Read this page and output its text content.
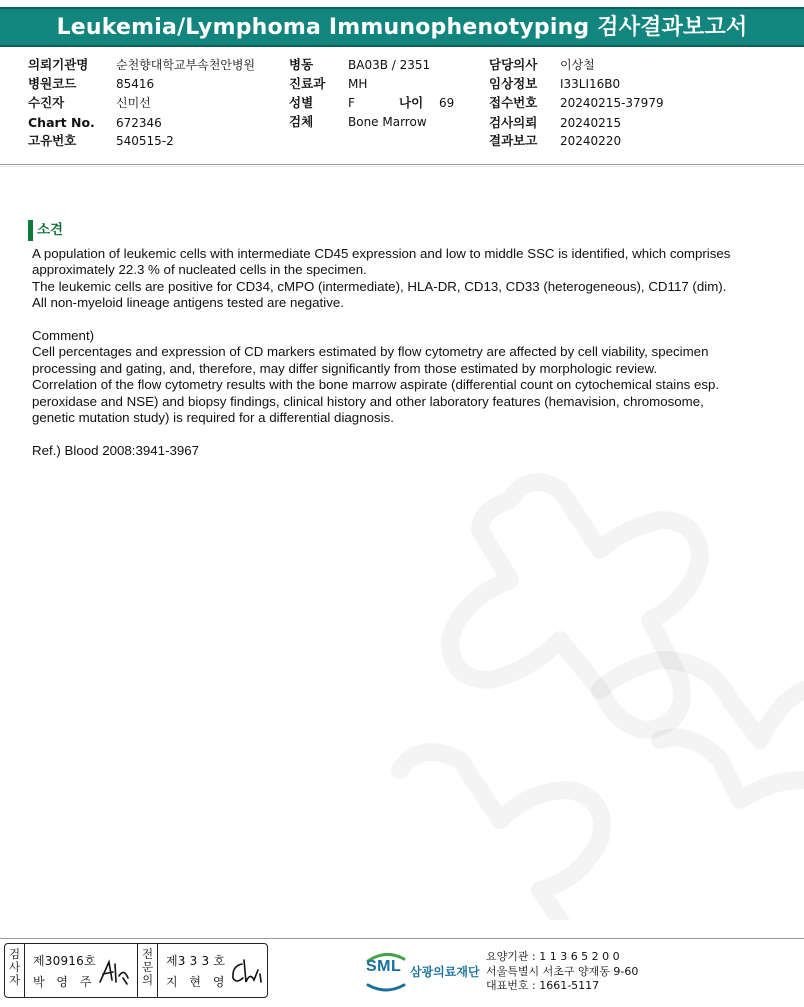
Leukemia/Lymphoma Immunophenotyping 검사결과보고서
의뢰기관명 순천향대학교부속천안병원
병원코드	85416
수진자	신미선
Chart No. 672346
고유번호	540515-2
병동	BA03B / 2351
진료과 MH
성별	F	나이 69
검체	Bone Marrow
담당의사 이상철
임상정보 I33LI16B0
접수번호 20240215-37979
검사의뢰 20240215
결과보고 20240220
소견

A population of leukemic cells with intermediate CD45 expression and low to middle SSC is identified, which comprises

approximately 22.3 % of nucleated cells in the specimen.

The leukemic cells are positive for CD34, cMPO (intermediate), HLA-DR, CD13, CD33 (heterogeneous), CD117 (dim).

All non-myeloid lineage antigens tested are negative.

Comment)

Cell percentages and expression of CD markers estimated by flow cytometry are affected by cell viability, specimen

processing and gating, and, therefore, may differ significantly from those estimated by morphologic review.

Correlation of the flow cytometry results with the bone marrow aspirate (differential count on cytochemical stains esp.

peroxidase and NSE) and biopsy findings, clinical history and other laboratory features (hemavision, chromosome,

genetic mutation study) is required for a differential diagnosis.

Ref.) Blood 2008:3941-3967

검
사
자
제30916호
박 영 주
전
문
의
제3 3 3 호
지 현 영
SML 삼광의료재단
요양기관 : 1 1 3 6 5 2 0 0
서울특별시 서초구 양재동 9-60
대표번호 : 1661-5117
